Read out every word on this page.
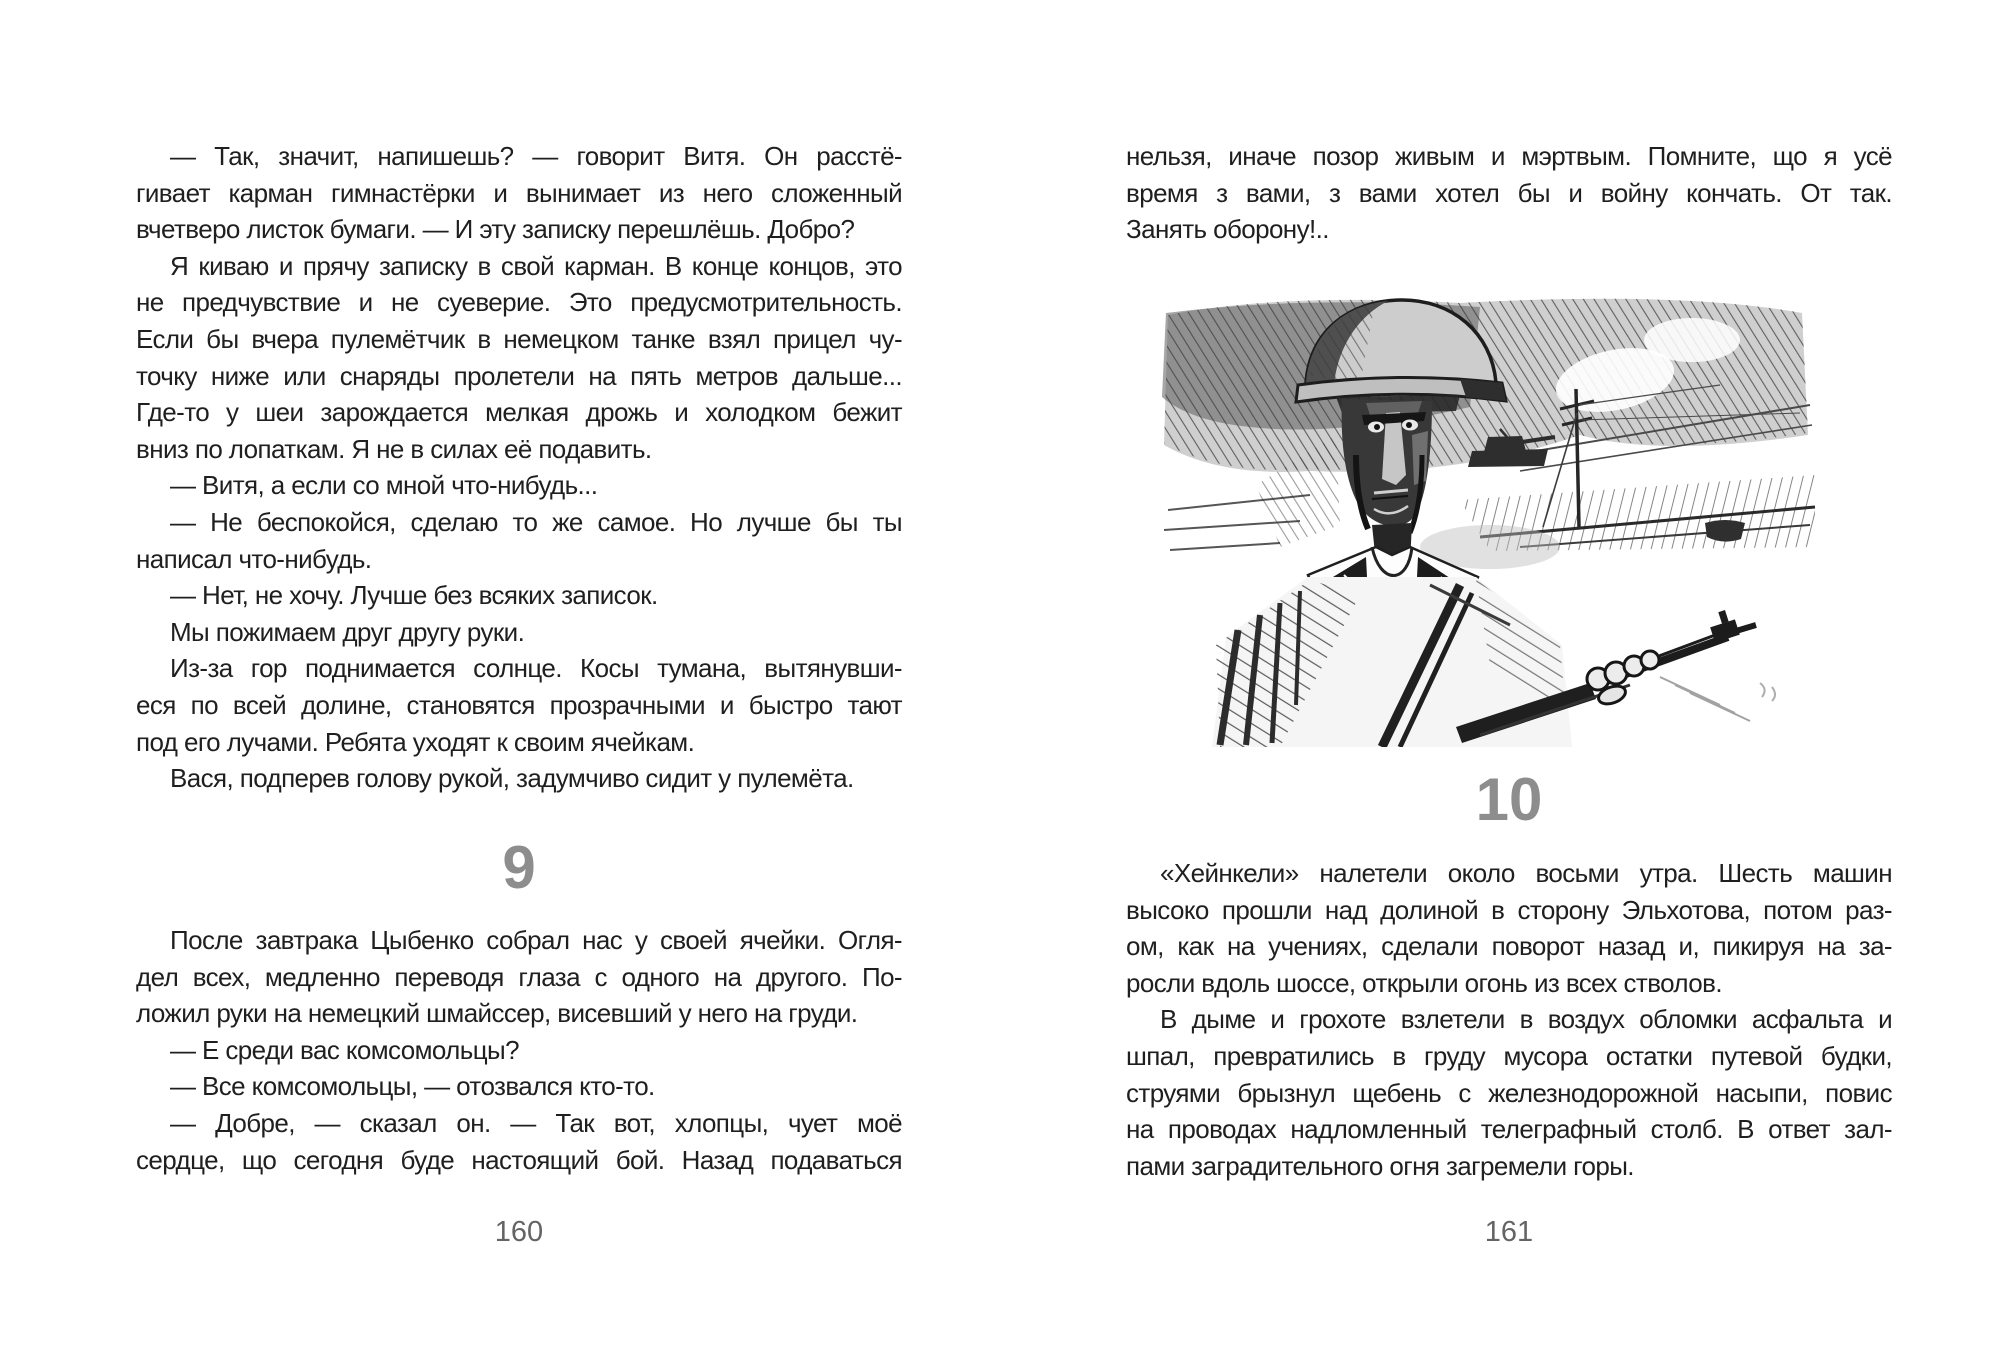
— Так, значит, напишешь? — говорит Витя. Он расстё-
гивает карман гимнастёрки и вынимает из него сложенный
вчетверо листок бумаги. — И эту записку перешлёшь. Добро?
Я киваю и прячу записку в свой карман. В конце концов, это
не предчувствие и не суеверие. Это предусмотрительность.
Если бы вчера пулемётчик в немецком танке взял прицел чу-
точку ниже или снаряды пролетели на пять метров дальше...
Где-то у шеи зарождается мелкая дрожь и холодком бежит
вниз по лопаткам. Я не в силах её подавить.
— Витя, а если со мной что-нибудь...
— Не беспокойся, сделаю то же самое. Но лучше бы ты
написал что-нибудь.
— Нет, не хочу. Лучше без всяких записок.
Мы пожимаем друг другу руки.
Из-за гор поднимается солнце. Косы тумана, вытянувши-
еся по всей долине, становятся прозрачными и быстро тают
под его лучами. Ребята уходят к своим ячейкам.
Вася, подперев голову рукой, задумчиво сидит у пулемёта.
9
После завтрака Цыбенко собрал нас у своей ячейки. Огля-
дел всех, медленно переводя глаза с одного на другого. По-
ложил руки на немецкий шмайссер, висевший у него на груди.
— Е среди вас комсомольцы?
— Все комсомольцы, — отозвался кто-то.
— Добре, — сказал он. — Так вот, хлопцы, чует моё
сердце, що сегодня буде настоящий бой. Назад подаваться
160
нельзя, иначе позор живым и мэртвым. Помните, що я усё
время з вами, з вами хотел бы и войну кончать. От так.
Занять оборону!..
10
«Хейнкели» налетели около восьми утра. Шесть машин
высоко прошли над долиной в сторону Эльхотова, потом раз-
ом, как на учениях, сделали поворот назад и, пикируя на за-
росли вдоль шоссе, открыли огонь из всех стволов.
В дыме и грохоте взлетели в воздух обломки асфальта и
шпал, превратились в груду мусора остатки путевой будки,
струями брызнул щебень с железнодорожной насыпи, повис
на проводах надломленный телеграфный столб. В ответ зал-
пами заградительного огня загремели горы.
161
